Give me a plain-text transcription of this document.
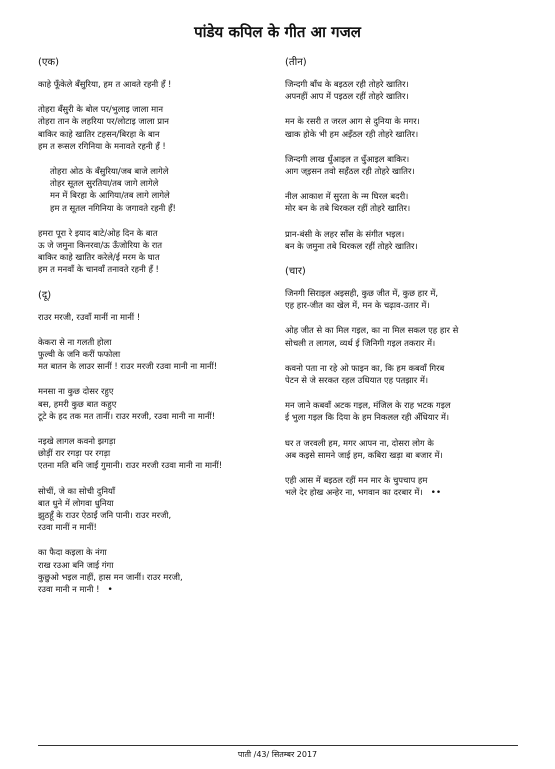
पांडेय कपिल के गीत आ गजल
(एक)
काहे फूँकेले बँसुरिया, हम त आवते रहनी हँ !
तोहरा बँसुरी के बोल पर/भुलाइ जाला मान
तोहरा तान के लहरिया पर/लोटाइ जाला प्रान
बाकिर काहे खातिर टहसन/बिरहा के बान
हम त रूसल रगिनिया के मनावते रहनी हँ !
तोहरा ओठ के बँसुरिया/जब बाजे लागेले
तोहर सूतल सुरतिया/तब जागे लागेले
मन में बिरहा के आगिया/तब लागे लागेले
हम त सूतल नगिनिया के जगावते रहनी हँ!
हमरा पूरा रे इयाद बाटे/ओह दिन के बात
ऊ जे जमुना किनरवा/ऊ ऊँजोरिया के रात
बाकिर काहे खातिर करेले/ई मरम के घात
हम त मनवाँ के चानवाँ तनावते रहनी हँ !
(दू)
राउर मरजी, रउवाँ मानीं ना मानीं !
केकरा से ना गलती होला
फुल्वी के जनि करीं फफोला
मत बातन के लाउर सानीं ! राउर मरजी रउवा मानी ना मानीं!
मनसा ना कुछ दोसर रहुए
बस, हमरी कुछ बात कहुए
टूटे के हद तक मत तानीं। राउर मरजी, रउवा मानी ना मानीं!
नइखे लागल कवनो झगड़ा
छोड़ीं रार रगड़ा पर रगड़ा
एतना मति बनि जाईं गुमानी। राउर मरजी रउवा मानी ना मानीं!
सोचीं, जे का सोची दुनियाँ
बात धुने में लोगवा धुनिया
झुठहूँ के राउर ऐठाईं जनि पानी। राउर मरजी,
रउवा मानीं न मानीं!
का फैदा कइला के नंगा
राख रउआ बनि जाई गंगा
कुछुओ भइल नाहीं, हास मन जानीं। राउर मरजी,
रउवा मानी न मानी ! •
(तीन)
जिन्दगी बाँध के बइठल रही तोहरे खातिर।
अपनहीं आप में पइठल रहीं तोहरे खातिर।
मन के रसरी त जरल आग से दुनिया के मगर।
खाक होके भी हम अइँठल रही तोहरे खातिर।
जिन्दगी लाख धुँआइल त धुँआइल बाकिर।
आग ज्इसन तवो सहँठल रही तोहरे खातिर।
नील आकाश में सुरता के न्म घिरल बदरी।
मोर बन के तबे थिरकल रहीं तोहरे खातिर।
प्रान-बंसी के लहर साँस के संगीत भइल।
बन के जमुना तबे थिरकल रहीं तोहरे खातिर।
(चार)
जिनगी सिराइल अइसही, कुछ जीत में, कुछ हार में,
एह हार-जीत का खेल में, मन के चढ़ाव-उतार में।
ओह जीत से का मिल गइल, का ना मिल सकल एह हार से
सोचली त लागल, व्यर्थ ई जिनिगी गइल तकरार में।
कवनो पता ना रहे ओ फाइन का, कि हम कबवाँ गिरब
पेटन से जे सरकत रहल उधियात एह पतझार में।
मन जाने कबवाँ अटक गइल, मंजिल के राह भटक गइल
ई भुला गइल कि दिया के हम निकलल रही अँधियार में।
घर त जरवली हम, मगर आपन ना, दोसरा लोग के
अब कइसे सामने जाई हम, कबिरा खड़ा बा बजार में।
एही आस में बइठल रहीं मन मार के चुपचाप हम
भले देर होख अन्हेर ना, भगवान का दरबार में। ••
पाती /43/ सितम्बर 2017
